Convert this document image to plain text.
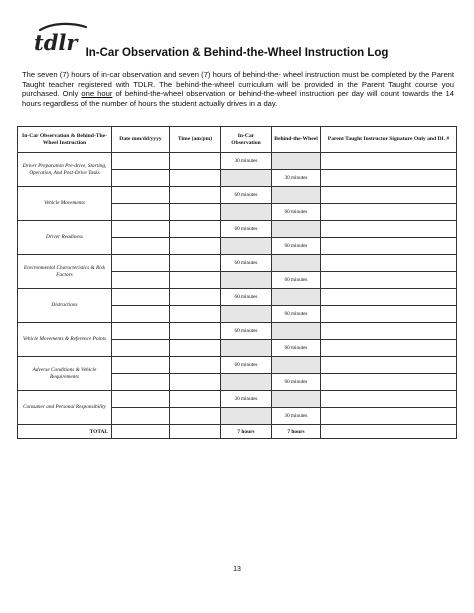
tdlr In-Car Observation & Behind-the-Wheel Instruction Log
The seven (7) hours of in-car observation and seven (7) hours of behind-the- wheel instruction must be completed by the Parent Taught teacher registered with TDLR. The behind-the-wheel curriculum will be provided in the Parent Taught course you purchased. Only one hour of behind-the-wheel observation or behind-the-wheel instruction per day will count towards the 14 hours regardless of the number of hours the student actually drives in a day.
In-Car Observation & Behind-The-Wheel Instruction	Date mm/dd/yyyy	Time (am/pm)	In-Car Observation	Behind-the-Wheel	Parent Taught Instructor Signature Only and DL #
Driver Preparation Pre-drive, Starting, Operation, And Post-Drive Tasks			30 minutes		
				30 minutes	
Vehicle Movements			60 minutes		
				60 minutes	
Driver Readiness			60 minutes		
				60 minutes	
Environmental Characteristics & Risk Factors			60 minutes		
				60 minutes	
Distractions			60 minutes		
				60 minutes	
Vehicle Movements & Reference Points			60 minutes		
				60 minutes	
Adverse Conditions & Vehicle Requirements			60 minutes		
				60 minutes	
Consumer and Personal Responsibility			30 minutes		
				30 minutes	
TOTAL			7 hours	7 hours	
13
